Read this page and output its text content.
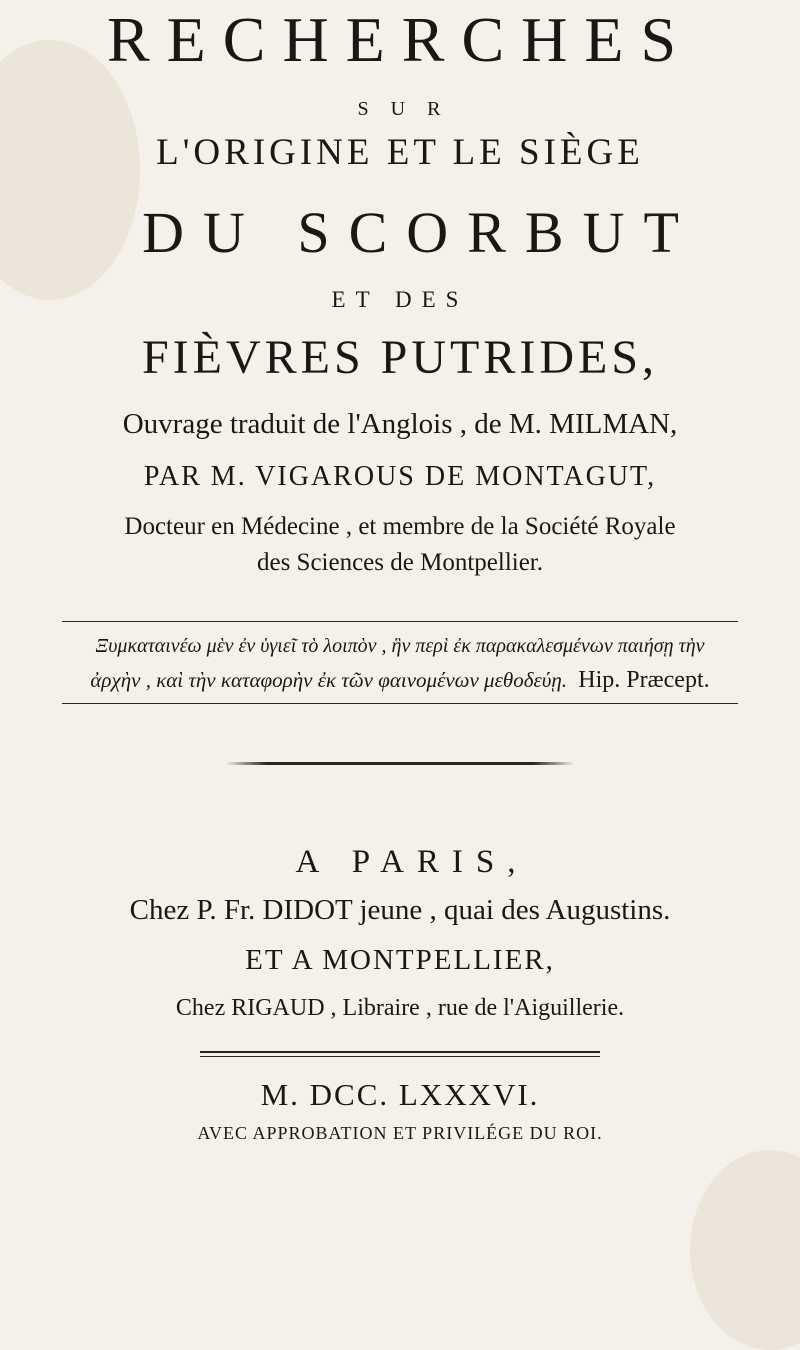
RECHERCHES
SUR
L'ORIGINE ET LE SIÈGE
DU SCORBUT
ET DES
FIÈVRES PUTRIDES,
Ouvrage traduit de l'Anglois , de M. MILMAN,
PAR M. VIGAROUS DE MONTAGUT,
Docteur en Médecine , et membre de la Société Royale
des Sciences de Montpellier.
Ξυμκαταινέω μὲν ἐν ὑγιεῖ τὸ λοιπὸν , ἣν περὶ ἐκ παρακαλεσμένων παιήσῃ τὴν
ἀρχὴν , καὶ τὴν καταφορὴν ἐκ τῶν φαινομένων μεθοδεύῃ. Hip. Præcept.
A PARIS,
Chez P. Fr. DIDOT jeune , quai des Augustins.
ET A MONTPELLIER,
Chez RIGAUD , Libraire , rue de l'Aiguillerie.
M. DCC. LXXXVI.
AVEC APPROBATION ET PRIVILÉGE DU ROI.
